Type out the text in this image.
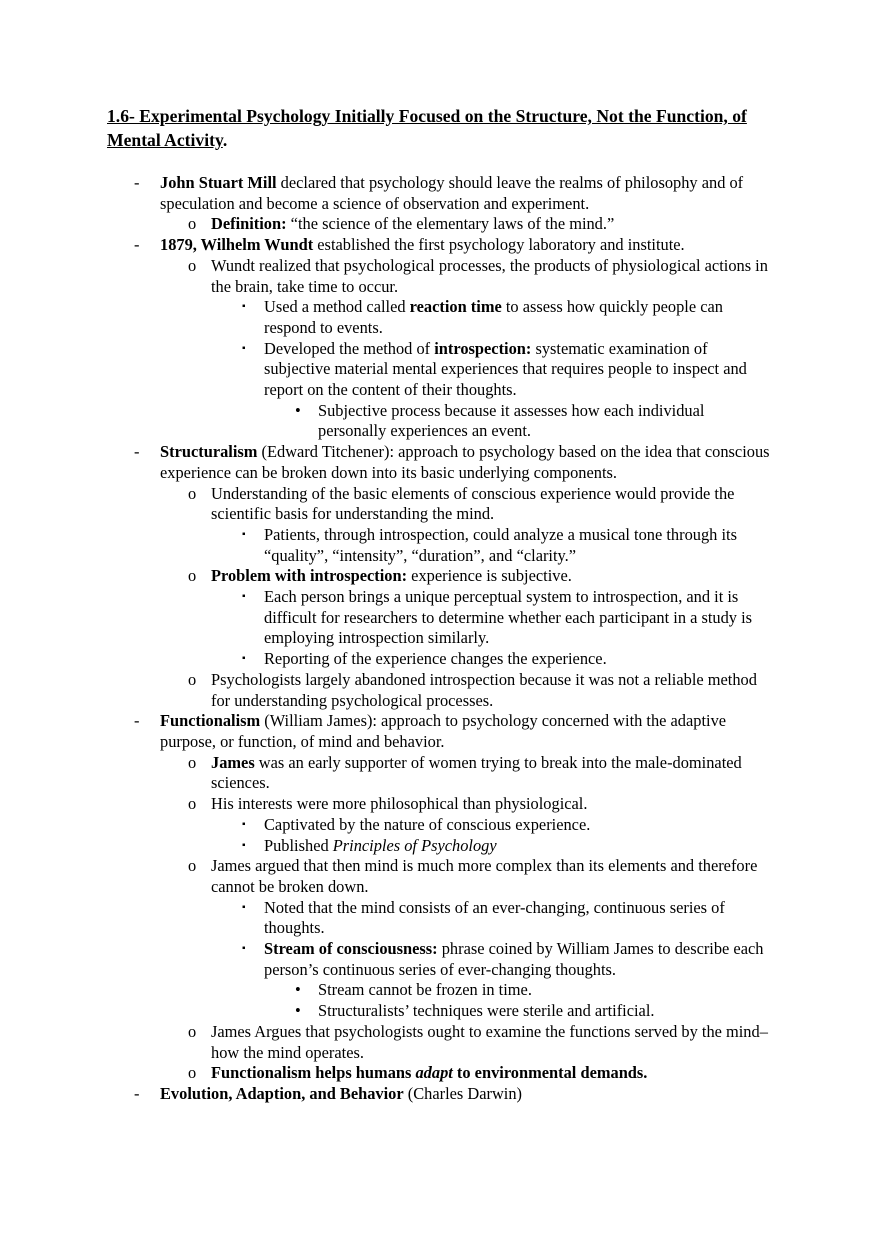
1.6- Experimental Psychology Initially Focused on the Structure, Not the Function, of Mental Activity.
-	John Stuart Mill declared that psychology should leave the realms of philosophy and of speculation and become a science of observation and experiment.
o Definition: “the science of the elementary laws of the mind.”
-	1879, Wilhelm Wundt established the first psychology laboratory and institute.
o Wundt realized that psychological processes, the products of physiological actions in the brain, take time to occur.
▪	Used a method called reaction time to assess how quickly people can respond to events.
▪	Developed the method of introspection: systematic examination of subjective material mental experiences that requires people to inspect and report on the content of their thoughts.
•	Subjective process because it assesses how each individual personally experiences an event.
-	Structuralism (Edward Titchener): approach to psychology based on the idea that conscious experience can be broken down into its basic underlying components.
o Understanding of the basic elements of conscious experience would provide the scientific basis for understanding the mind.
▪	Patients, through introspection, could analyze a musical tone through its “quality”, “intensity”, “duration”, and “clarity.”
o Problem with introspection: experience is subjective.
▪	Each person brings a unique perceptual system to introspection, and it is difficult for researchers to determine whether each participant in a study is employing introspection similarly.
▪	Reporting of the experience changes the experience.
o Psychologists largely abandoned introspection because it was not a reliable method for understanding psychological processes.
-	Functionalism (William James): approach to psychology concerned with the adaptive purpose, or function, of mind and behavior.
o James was an early supporter of women trying to break into the male-dominated sciences.
o His interests were more philosophical than physiological.
▪	Captivated by the nature of conscious experience.
▪	Published Principles of Psychology
o James argued that then mind is much more complex than its elements and therefore cannot be broken down.
▪	Noted that the mind consists of an ever-changing, continuous series of thoughts.
▪	Stream of consciousness: phrase coined by William James to describe each person’s continuous series of ever-changing thoughts.
•	Stream cannot be frozen in time.
•	Structuralists’ techniques were sterile and artificial.
o James Argues that psychologists ought to examine the functions served by the mind–how the mind operates.
o Functionalism helps humans adapt to environmental demands.
-	Evolution, Adaption, and Behavior (Charles Darwin)
